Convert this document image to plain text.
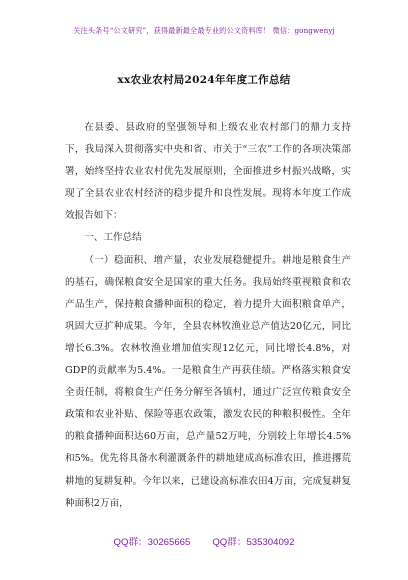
关注头条号“公文研究”，获得最新最全最专业的公文资料库！ 微信：gongwenyj
xx农业农村局2024年年度工作总结

在县委、县政府的坚强领导和上级农业农村部门的鼎力支持下，我局深入贯彻落实中央和省、市关于“三农”工作的各项决策部署，始终坚持农业农村优先发展原则，全面推进乡村振兴战略，实现了全县农业农村经济的稳步提升和良性发展。现将本年度工作成效报告如下：

一、工作总结

（一）稳面积、增产量，农业发展稳健提升。耕地是粮食生产的基石，确保粮食安全是国家的重大任务。我局始终重视粮食和农产品生产，保持粮食播种面积的稳定，着力提升大面积粮食单产，巩固大豆扩种成果。今年，全县农林牧渔业总产值达20亿元，同比增长6.3%。农林牧渔业增加值实现12亿元，同比增长4.8%，对GDP的贡献率为5.4%。一是粮食生产再获佳绩。严格落实粮食安全责任制，将粮食生产任务分解至各镇村，通过广泛宣传粮食安全政策和农业补贴、保险等惠农政策，激发农民的种粮积极性。全年的粮食播种面积达60万亩，总产量52万吨，分别较上年增长4.5%和5%。优先将具备水利灌溉条件的耕地建成高标准农田，推进撂荒耕地的复耕复种。今年以来，已建设高标准农田4万亩，完成复耕复种面积2万亩，

QQ群：30265665 QQ群：535304092
